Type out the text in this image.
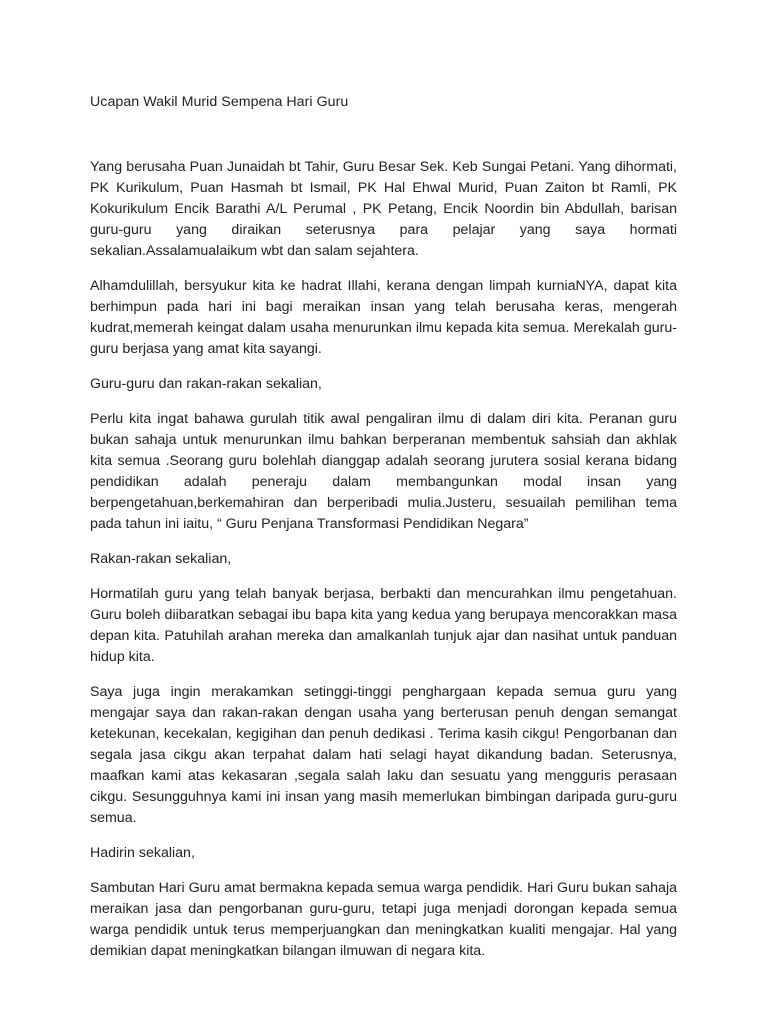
Ucapan Wakil Murid Sempena Hari Guru

Yang berusaha Puan Junaidah bt Tahir, Guru Besar Sek. Keb Sungai Petani. Yang dihormati, PK Kurikulum, Puan Hasmah bt Ismail, PK Hal Ehwal Murid, Puan Zaiton bt Ramli, PK Kokurikulum Encik Barathi A/L Perumal , PK Petang, Encik Noordin bin Abdullah, barisan guru-guru yang diraikan seterusnya para pelajar yang saya hormati sekalian.Assalamualaikum wbt dan salam sejahtera.

Alhamdulillah, bersyukur kita ke hadrat Illahi, kerana dengan limpah kurniaNYA, dapat kita berhimpun pada hari ini bagi meraikan insan yang telah berusaha keras, mengerah kudrat,memerah keingat dalam usaha menurunkan ilmu kepada kita semua. Merekalah guru-guru berjasa yang amat kita sayangi.

Guru-guru dan rakan-rakan sekalian,

Perlu kita ingat bahawa gurulah titik awal pengaliran ilmu di dalam diri kita. Peranan guru bukan sahaja untuk menurunkan ilmu bahkan berperanan membentuk sahsiah dan akhlak kita semua .Seorang guru bolehlah dianggap adalah seorang jurutera sosial kerana bidang pendidikan adalah peneraju dalam membangunkan modal insan yang berpengetahuan,berkemahiran dan berperibadi mulia.Justeru, sesuailah pemilihan tema pada tahun ini iaitu, “ Guru Penjana Transformasi Pendidikan Negara”

Rakan-rakan sekalian,

Hormatilah guru yang telah banyak berjasa, berbakti dan mencurahkan ilmu pengetahuan. Guru boleh diibaratkan sebagai ibu bapa kita yang kedua yang berupaya mencorakkan masa depan kita. Patuhilah arahan mereka dan amalkanlah tunjuk ajar dan nasihat untuk panduan hidup kita.

Saya juga ingin merakamkan setinggi-tinggi penghargaan kepada semua guru yang mengajar saya dan rakan-rakan dengan usaha yang berterusan penuh dengan semangat ketekunan, kecekalan, kegigihan dan penuh dedikasi . Terima kasih cikgu! Pengorbanan dan segala jasa cikgu akan terpahat dalam hati selagi hayat dikandung badan. Seterusnya, maafkan kami atas kekasaran ,segala salah laku dan sesuatu yang mengguris perasaan cikgu. Sesungguhnya kami ini insan yang masih memerlukan bimbingan daripada guru-guru semua.

Hadirin sekalian,

Sambutan Hari Guru amat bermakna kepada semua warga pendidik. Hari Guru bukan sahaja meraikan jasa dan pengorbanan guru-guru, tetapi juga menjadi dorongan kepada semua warga pendidik untuk terus memperjuangkan dan meningkatkan kualiti mengajar. Hal yang demikian dapat meningkatkan bilangan ilmuwan di negara kita.
